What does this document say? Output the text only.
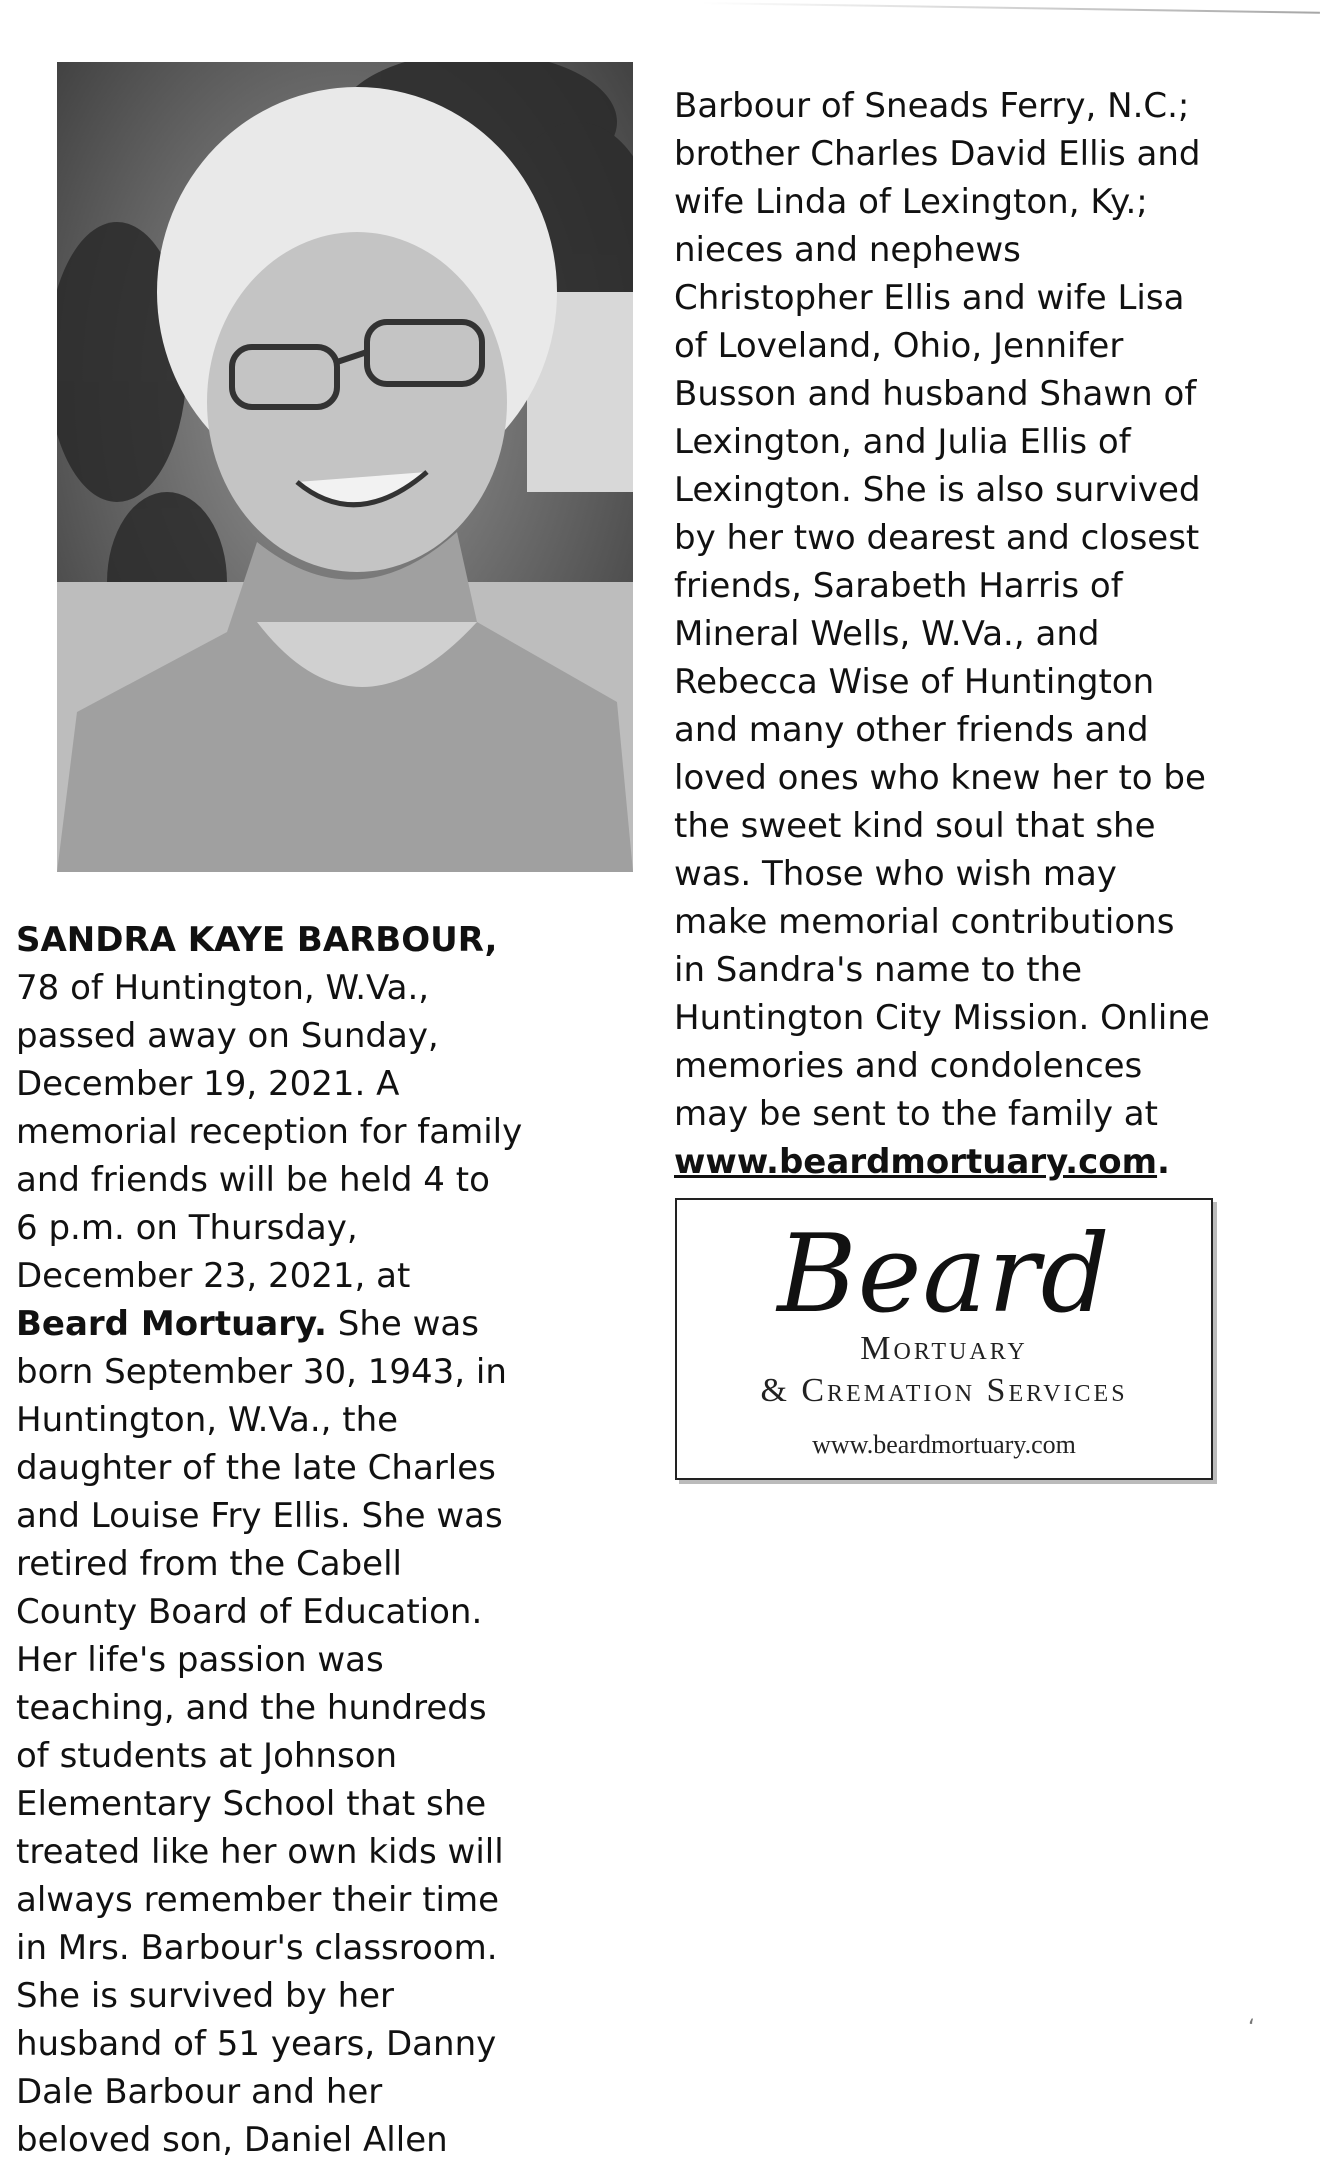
SANDRA KAYE BARBOUR,
78 of Huntington, W.Va.,
passed away on Sunday,
December 19, 2021. A
memorial reception for family
and friends will be held 4 to
6 p.m. on Thursday,
December 23, 2021, at
Beard Mortuary. She was
born September 30, 1943, in
Huntington, W.Va., the
daughter of the late Charles
and Louise Fry Ellis. She was
retired from the Cabell
County Board of Education.
Her life's passion was
teaching, and the hundreds
of students at Johnson
Elementary School that she
treated like her own kids will
always remember their time
in Mrs. Barbour's classroom.
She is survived by her
husband of 51 years, Danny
Dale Barbour and her
beloved son, Daniel Allen
Barbour of Sneads Ferry, N.C.;
brother Charles David Ellis and
wife Linda of Lexington, Ky.;
nieces and nephews
Christopher Ellis and wife Lisa
of Loveland, Ohio, Jennifer
Busson and husband Shawn of
Lexington, and Julia Ellis of
Lexington. She is also survived
by her two dearest and closest
friends, Sarabeth Harris of
Mineral Wells, W.Va., and
Rebecca Wise of Huntington
and many other friends and
loved ones who knew her to be
the sweet kind soul that she
was. Those who wish may
make memorial contributions
in Sandra's name to the
Huntington City Mission. Online
memories and condolences
may be sent to the family at
www.beardmortuary.com.
Beard
Mortuary
& Cremation Services
www.beardmortuary.com
‘
